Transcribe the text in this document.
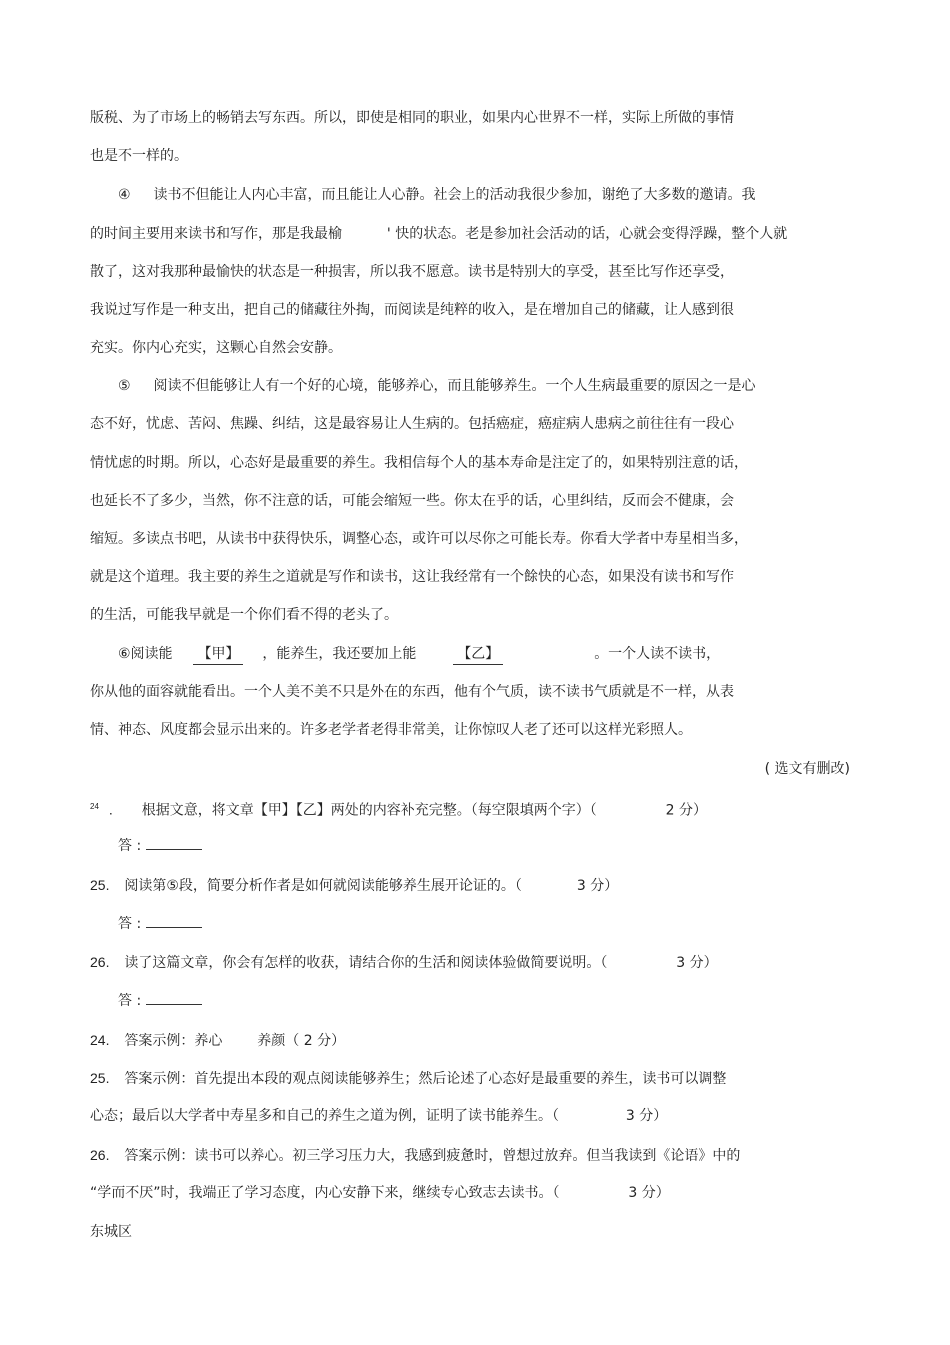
版税、为了市场上的畅销去写东西。所以，即使是相同的职业，如果内心世界不一样，实际上所做的事情
也是不一样的。
④ 读书不但能让人内心丰富，而且能让人心静。社会上的活动我很少参加，谢绝了大多数的邀请。我
的时间主要用来读书和写作，那是我最榆	' 快的状态。老是参加社会活动的话，心就会变得浮躁，整个人就
散了，这对我那种最愉快的状态是一种损害，所以我不愿意。读书是特别大的享受，甚至比写作还享受，
我说过写作是一种支出，把自己的储藏往外掏，而阅读是纯粹的收入，是在增加自己的储藏，让人感到很
充实。你内心充实，这颗心自然会安静。
⑤ 阅读不但能够让人有一个好的心境，能够养心，而且能够养生。一个人生病最重要的原因之一是心
态不好，忧虑、苦闷、焦躁、纠结，这是最容易让人生病的。包括癌症，癌症病人患病之前往往有一段心
情忧虑的时期。所以，心态好是最重要的养生。我相信每个人的基本寿命是注定了的，如果特别注意的话，
也延长不了多少，当然，你不注意的话，可能会缩短一些。你太在乎的话，心里纠结，反而会不健康，会
缩短。多读点书吧，从读书中获得快乐，调整心态，或许可以尽你之可能长寿。你看大学者中寿星相当多，
就是这个道理。我主要的养生之道就是写作和读书，这让我经常有一个餘快的心态，如果没有读书和写作
的生活，可能我早就是一个你们看不得的老头了。
⑥阅读能 【甲】 ，能养生，我还要加上能	【乙】	。一个人读不读书，
你从他的面容就能看出。一个人美不美不只是外在的东西，他有个气质，读不读书气质就是不一样，从表
情、神态、风度都会显示出来的。许多老学者老得非常美，让你惊叹人老了还可以这样光彩照人。
( 选文有删改)
$^{24}$ . 根据文意，将文章【甲】【乙】两处的内容补充完整。（每空限填两个字）（	2 分）
答 :
25. 阅读第⑤段，简要分析作者是如何就阅读能够养生展开论证的。（	3 分）
答 :
26. 读了这篇文章，你会有怎样的收获，请结合你的生活和阅读体验做简要说明。（	3 分）
答 :
24. 答案示例：养心 养颜（ 2 分）
25. 答案示例：首先提出本段的观点阅读能够养生；然后论述了心态好是最重要的养生，读书可以调整
心态；最后以大学者中寿星多和自己的养生之道为例，证明了读书能养生。（	3 分）
26. 答案示例：读书可以养心。初三学习压力大，我感到疲惫时，曾想过放弃。但当我读到《论语》中的
“学而不厌”时，我端正了学习态度，内心安静下来，继续专心致志去读书。（	3 分）
东城区
